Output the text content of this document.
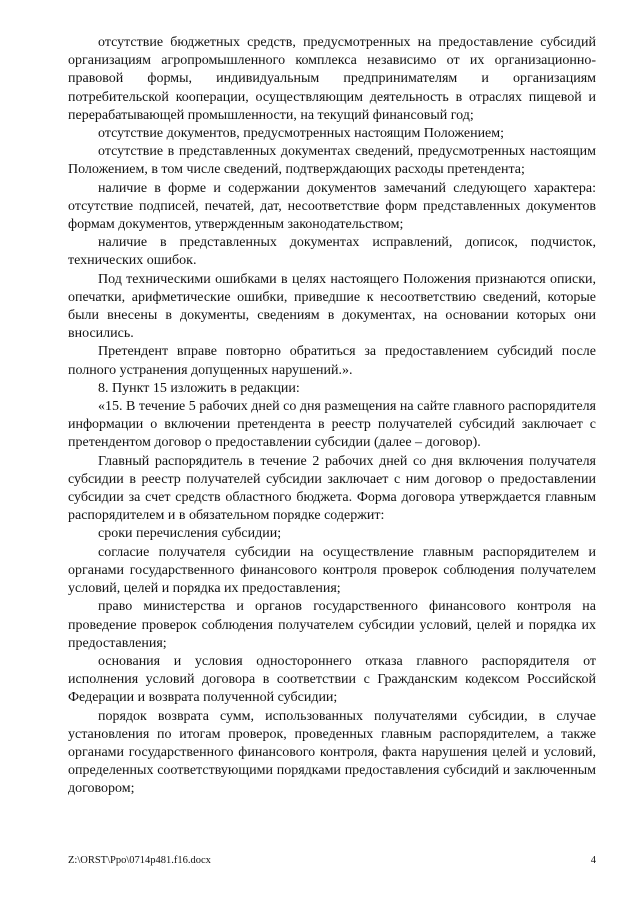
отсутствие бюджетных средств, предусмотренных на предоставление субсидий организациям агропромышленного комплекса независимо от их организационно-правовой формы, индивидуальным предпринимателям и организациям потребительской кооперации, осуществляющим деятельность в отраслях пищевой и перерабатывающей промышленности, на текущий финансовый год;

отсутствие документов, предусмотренных настоящим Положением;

отсутствие в представленных документах сведений, предусмотренных настоящим Положением, в том числе сведений, подтверждающих расходы претендента;

наличие в форме и содержании документов замечаний следующего характера: отсутствие подписей, печатей, дат, несоответствие форм представленных документов формам документов, утвержденным законодательством;

наличие в представленных документах исправлений, дописок, подчисток, технических ошибок.

Под техническими ошибками в целях настоящего Положения признаются описки, опечатки, арифметические ошибки, приведшие к несоответствию сведений, которые были внесены в документы, сведениям в документах, на основании которых они вносились.

Претендент вправе повторно обратиться за предоставлением субсидий после полного устранения допущенных нарушений.».

8. Пункт 15 изложить в редакции:

«15. В течение 5 рабочих дней со дня размещения на сайте главного распорядителя информации о включении претендента в реестр получателей субсидий заключает с претендентом договор о предоставлении субсидии (далее – договор).

Главный распорядитель в течение 2 рабочих дней со дня включения получателя субсидии в реестр получателей субсидии заключает с ним договор о предоставлении субсидии за счет средств областного бюджета. Форма договора утверждается главным распорядителем и в обязательном порядке содержит:

сроки перечисления субсидии;

согласие получателя субсидии на осуществление главным распорядителем и органами государственного финансового контроля проверок соблюдения получателем условий, целей и порядка их предоставления;

право министерства и органов государственного финансового контроля на проведение проверок соблюдения получателем субсидии условий, целей и порядка их предоставления;

основания и условия одностороннего отказа главного распорядителя от исполнения условий договора в соответствии с Гражданским кодексом Российской Федерации и возврата полученной субсидии;

порядок возврата сумм, использованных получателями субсидии, в случае установления по итогам проверок, проведенных главным распорядителем, а также органами государственного финансового контроля, факта нарушения целей и условий, определенных соответствующими порядками предоставления субсидий и заключенным договором;

Z:\ORST\Ppo\0714p481.f16.docx	4
